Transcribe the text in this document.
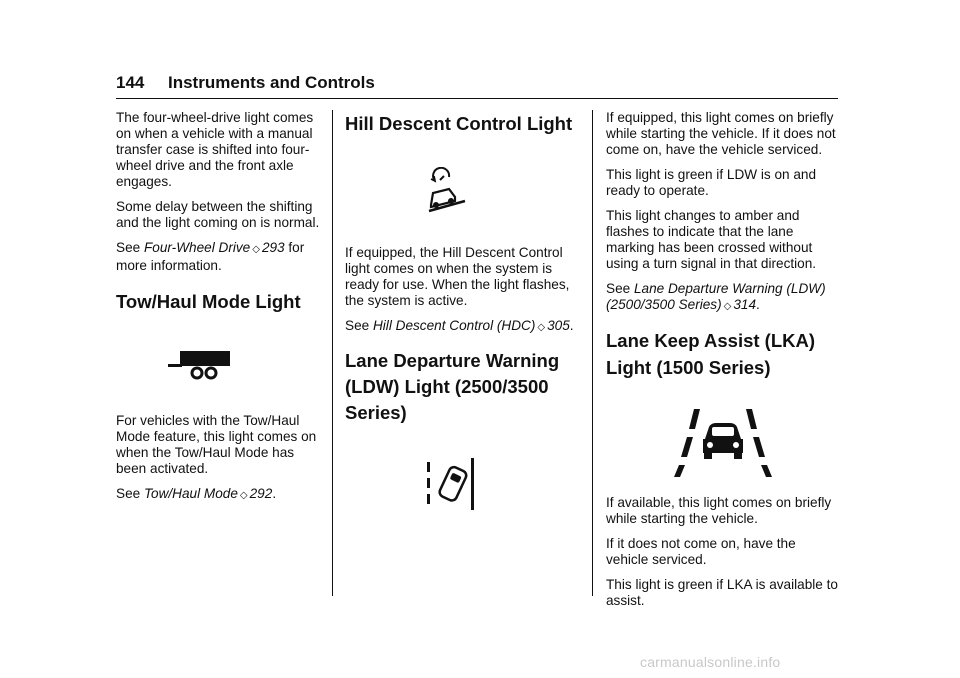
144 Instruments and Controls

The four-wheel-drive light comes on when a vehicle with a manual transfer case is shifted into four-wheel drive and the front axle engages.

Some delay between the shifting and the light coming on is normal.

See Four-Wheel Drive ◇ 293 for more information.

Tow/Haul Mode Light

For vehicles with the Tow/Haul Mode feature, this light comes on when the Tow/Haul Mode has been activated.

See Tow/Haul Mode ◇ 292.

Hill Descent Control Light

If equipped, the Hill Descent Control light comes on when the system is ready for use. When the light flashes, the system is active.

See Hill Descent Control (HDC) ◇ 305.

Lane Departure Warning (LDW) Light (2500/3500 Series)

If equipped, this light comes on briefly while starting the vehicle. If it does not come on, have the vehicle serviced.

This light is green if LDW is on and ready to operate.

This light changes to amber and flashes to indicate that the lane marking has been crossed without using a turn signal in that direction.

See Lane Departure Warning (LDW) (2500/3500 Series) ◇ 314.

Lane Keep Assist (LKA) Light (1500 Series)

If available, this light comes on briefly while starting the vehicle.

If it does not come on, have the vehicle serviced.

This light is green if LKA is available to assist.

carmanualsonline.info
